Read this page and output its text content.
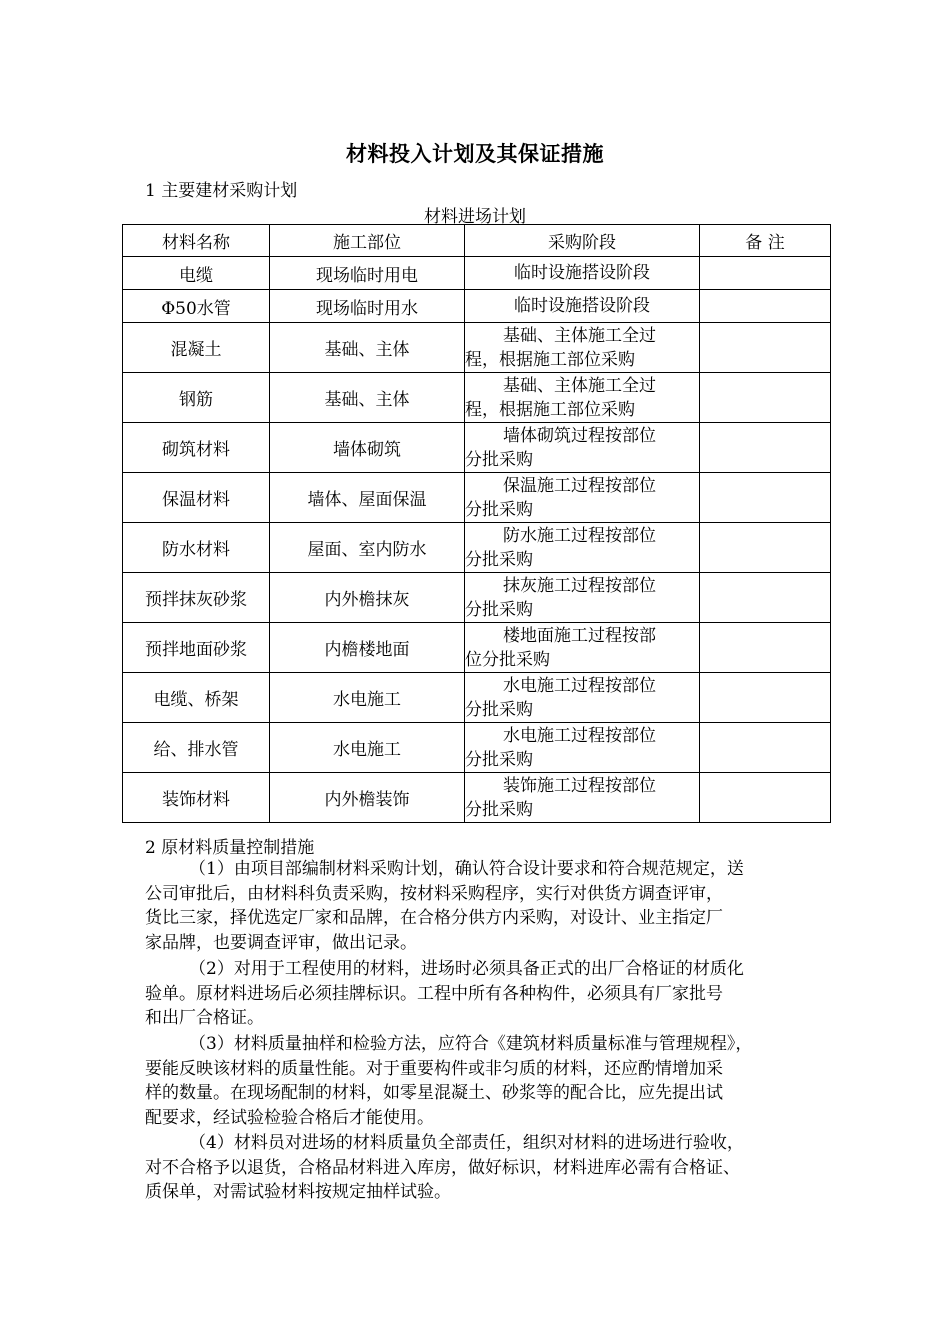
材料投入计划及其保证措施
1 主要建材采购计划
材料进场计划
材料名称	施工部位	采购阶段	备 注
电缆	现场临时用电	临时设施搭设阶段	
Φ50水管	现场临时用水	临时设施搭设阶段	
混凝土	基础、主体	基础、主体施工全过
程，根据施工部位采购	
钢筋	基础、主体	基础、主体施工全过
程，根据施工部位采购	
砌筑材料	墙体砌筑	墙体砌筑过程按部位
分批采购	
保温材料	墙体、屋面保温	保温施工过程按部位
分批采购	
防水材料	屋面、室内防水	防水施工过程按部位
分批采购	
预拌抹灰砂浆	内外檐抹灰	抹灰施工过程按部位
分批采购	
预拌地面砂浆	内檐楼地面	楼地面施工过程按部
位分批采购	
电缆、桥架	水电施工	水电施工过程按部位
分批采购	
给、排水管	水电施工	水电施工过程按部位
分批采购	
装饰材料	内外檐装饰	装饰施工过程按部位
分批采购	
2 原材料质量控制措施
（1）由项目部编制材料采购计划，确认符合设计要求和符合规范规定，送
公司审批后，由材料科负责采购，按材料采购程序，实行对供货方调查评审，
货比三家，择优选定厂家和品牌，在合格分供方内采购，对设计、业主指定厂
家品牌，也要调查评审，做出记录。
（2）对用于工程使用的材料，进场时必须具备正式的出厂合格证的材质化
验单。原材料进场后必须挂牌标识。工程中所有各种构件，必须具有厂家批号
和出厂合格证。
（3）材料质量抽样和检验方法，应符合《建筑材料质量标准与管理规程》，
要能反映该材料的质量性能。对于重要构件或非匀质的材料，还应酌情增加采
样的数量。在现场配制的材料，如零星混凝土、砂浆等的配合比，应先提出试
配要求，经试验检验合格后才能使用。
（4）材料员对进场的材料质量负全部责任，组织对材料的进场进行验收，
对不合格予以退货，合格品材料进入库房，做好标识，材料进库必需有合格证、
质保单，对需试验材料按规定抽样试验。
